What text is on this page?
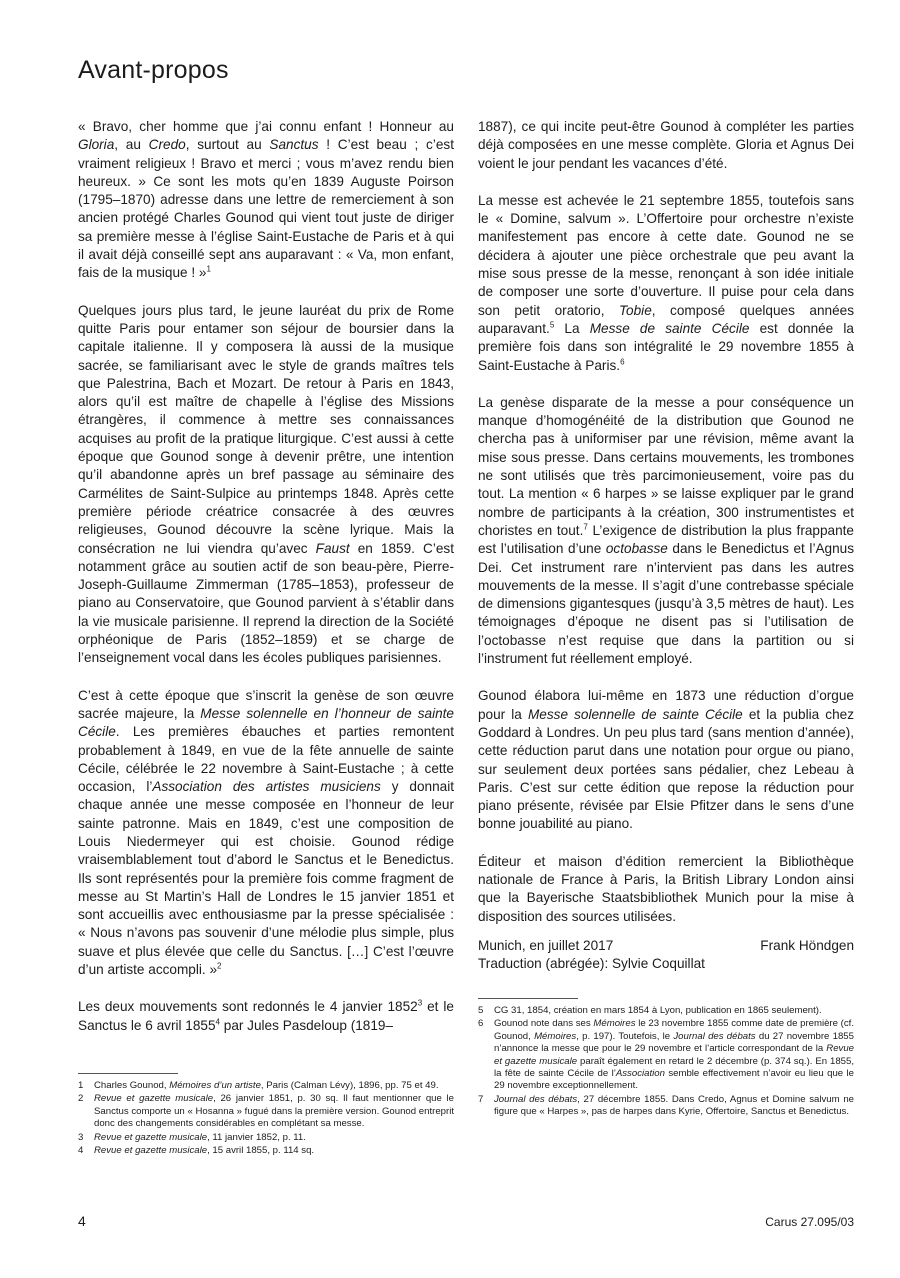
Avant-propos

« Bravo, cher homme que j’ai connu enfant ! Honneur au Gloria, au Credo, surtout au Sanctus ! C’est beau ; c’est vraiment religieux ! Bravo et merci ; vous m’avez rendu bien heureux. » Ce sont les mots qu’en 1839 Auguste Poirson (1795–1870) adresse dans une lettre de remerciement à son ancien protégé Charles Gounod qui vient tout juste de diriger sa première messe à l’église Saint-Eustache de Paris et à qui il avait déjà conseillé sept ans auparavant : « Va, mon enfant, fais de la musique ! »$^1$

Quelques jours plus tard, le jeune lauréat du prix de Rome quitte Paris pour entamer son séjour de boursier dans la capitale italienne. Il y composera là aussi de la musique sacrée, se familiarisant avec le style de grands maîtres tels que Palestrina, Bach et Mozart. De retour à Paris en 1843, alors qu’il est maître de chapelle à l’église des Missions étrangères, il commence à mettre ses connaissances acquises au profit de la pratique liturgique. C’est aussi à cette époque que Gounod songe à devenir prêtre, une intention qu’il abandonne après un bref passage au séminaire des Carmélites de Saint-Sulpice au printemps 1848. Après cette première période créatrice consacrée à des œuvres religieuses, Gounod découvre la scène lyrique. Mais la consécration ne lui viendra qu’avec Faust en 1859. C’est notamment grâce au soutien actif de son beau-père, Pierre-Joseph-Guillaume Zimmerman (1785–1853), professeur de piano au Conservatoire, que Gounod parvient à s’établir dans la vie musicale parisienne. Il reprend la direction de la Société orphéonique de Paris (1852–1859) et se charge de l’enseignement vocal dans les écoles publiques parisiennes.

C’est à cette époque que s’inscrit la genèse de son œuvre sacrée majeure, la Messe solennelle en l’honneur de sainte Cécile. Les premières ébauches et parties remontent probablement à 1849, en vue de la fête annuelle de sainte Cécile, célébrée le 22 novembre à Saint-Eustache ; à cette occasion, l’Association des artistes musiciens y donnait chaque année une messe composée en l’honneur de leur sainte patronne. Mais en 1849, c’est une composition de Louis Niedermeyer qui est choisie. Gounod rédige vraisemblablement tout d’abord le Sanctus et le Benedictus. Ils sont représentés pour la première fois comme fragment de messe au St Martin’s Hall de Londres le 15 janvier 1851 et sont accueillis avec enthousiasme par la presse spécialisée : « Nous n’avons pas souvenir d’une mélodie plus simple, plus suave et plus élevée que celle du Sanctus. […] C’est l’œuvre d’un artiste accompli. »$^2$

Les deux mouvements sont redonnés le 4 janvier 1852$^3$ et le Sanctus le 6 avril 1855$^4$ par Jules Pasdeloup (1819–

1887), ce qui incite peut-être Gounod à compléter les parties déjà composées en une messe complète. Gloria et Agnus Dei voient le jour pendant les vacances d’été.

La messe est achevée le 21 septembre 1855, toutefois sans le « Domine, salvum ». L’Offertoire pour orchestre n’existe manifestement pas encore à cette date. Gounod ne se décidera à ajouter une pièce orchestrale que peu avant la mise sous presse de la messe, renonçant à son idée initiale de composer une sorte d’ouverture. Il puise pour cela dans son petit oratorio, Tobie, composé quelques années auparavant.$^5$ La Messe de sainte Cécile est donnée la première fois dans son intégralité le 29 novembre 1855 à Saint-Eustache à Paris.$^6$

La genèse disparate de la messe a pour conséquence un manque d’homogénéité de la distribution que Gounod ne chercha pas à uniformiser par une révision, même avant la mise sous presse. Dans certains mouvements, les trombones ne sont utilisés que très parcimonieusement, voire pas du tout. La mention « 6 harpes » se laisse expliquer par le grand nombre de participants à la création, 300 instrumentistes et choristes en tout.$^7$ L’exigence de distribution la plus frappante est l’utilisation d’une octobasse dans le Benedictus et l’Agnus Dei. Cet instrument rare n’intervient pas dans les autres mouvements de la messe. Il s’agit d’une contrebasse spéciale de dimensions gigantesques (jusqu’à 3,5 mètres de haut). Les témoignages d’époque ne disent pas si l’utilisation de l’octobasse n’est requise que dans la partition ou si l’instrument fut réellement employé.

Gounod élabora lui-même en 1873 une réduction d’orgue pour la Messe solennelle de sainte Cécile et la publia chez Goddard à Londres. Un peu plus tard (sans mention d’année), cette réduction parut dans une notation pour orgue ou piano, sur seulement deux portées sans pédalier, chez Lebeau à Paris. C’est sur cette édition que repose la réduction pour piano présente, révisée par Elsie Pfitzer dans le sens d’une bonne jouabilité au piano.

Éditeur et maison d’édition remercient la Bibliothèque nationale de France à Paris, la British Library London ainsi que la Bayerische Staatsbibliothek Munich pour la mise à disposition des sources utilisées.

Munich, en juillet 2017	Frank Höndgen
Traduction (abrégée): Sylvie Coquillat
1	Charles Gounod, Mémoires d’un artiste, Paris (Calman Lévy), 1896, pp. 75 et 49.
2	Revue et gazette musicale, 26 janvier 1851, p. 30 sq. Il faut mentionner que le Sanctus comporte un « Hosanna » fugué dans la première version. Gounod entreprit donc des changements considérables en complétant sa messe.
3	Revue et gazette musicale, 11 janvier 1852, p. 11.
4	Revue et gazette musicale, 15 avril 1855, p. 114 sq.
5	CG 31, 1854, création en mars 1854 à Lyon, publication en 1865 seulement).
6	Gounod note dans ses Mémoires le 23 novembre 1855 comme date de première (cf. Gounod, Mémoires, p. 197). Toutefois, le Journal des débats du 27 novembre 1855 n’annonce la messe que pour le 29 novembre et l’article correspondant de la Revue et gazette musicale paraît également en retard le 2 décembre (p. 374 sq.). En 1855, la fête de sainte Cécile de l’Association semble effectivement n’avoir eu lieu que le 29 novembre exceptionnellement.
7	Journal des débats, 27 décembre 1855. Dans Credo, Agnus et Domine salvum ne figure que « Harpes », pas de harpes dans Kyrie, Offertoire, Sanctus et Benedictus.
4	Carus 27.095/03
